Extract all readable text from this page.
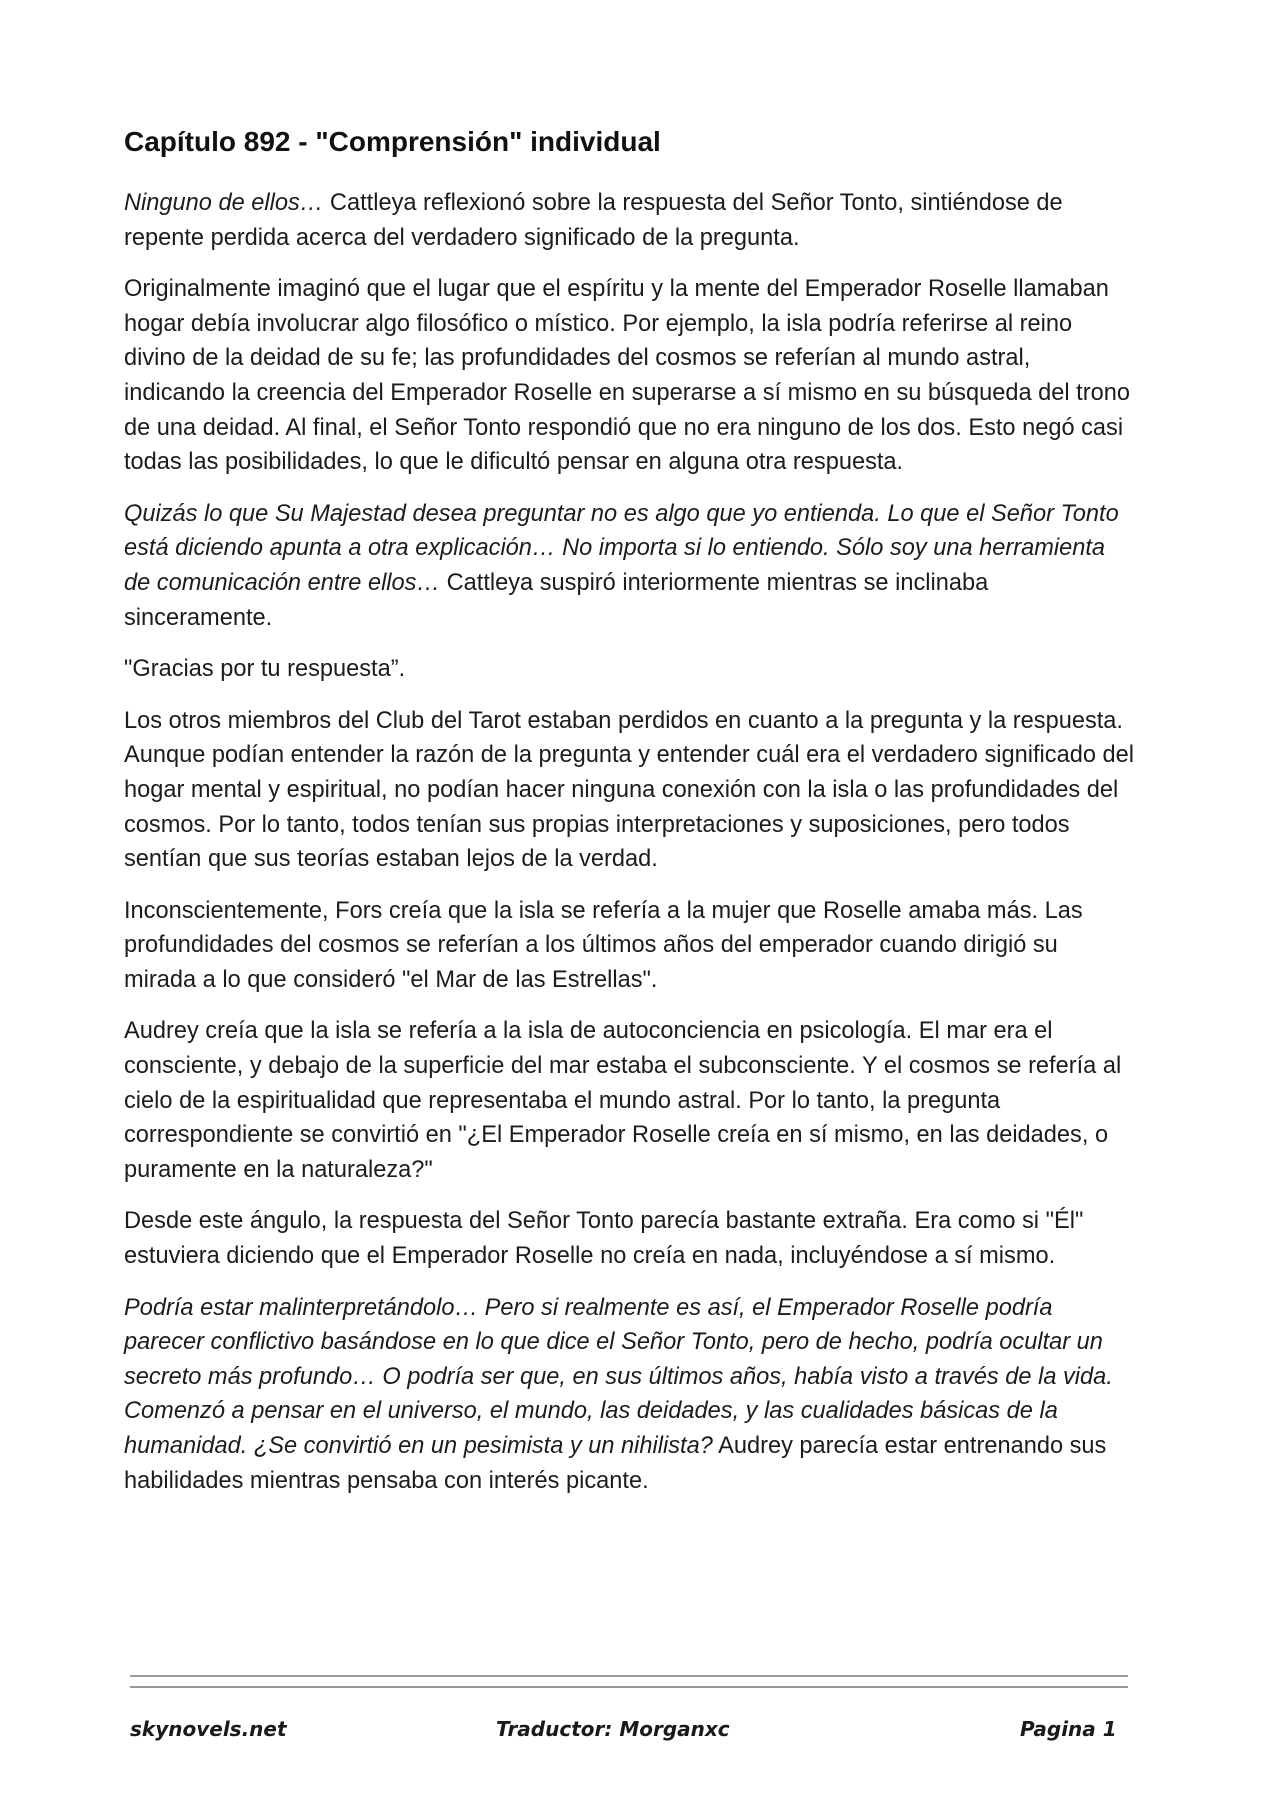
Capítulo 892 - "Comprensión" individual

Ninguno de ellos… Cattleya reflexionó sobre la respuesta del Señor Tonto, sintiéndose de repente perdida acerca del verdadero significado de la pregunta.

Originalmente imaginó que el lugar que el espíritu y la mente del Emperador Roselle llamaban hogar debía involucrar algo filosófico o místico. Por ejemplo, la isla podría referirse al reino divino de la deidad de su fe; las profundidades del cosmos se referían al mundo astral, indicando la creencia del Emperador Roselle en superarse a sí mismo en su búsqueda del trono de una deidad. Al final, el Señor Tonto respondió que no era ninguno de los dos. Esto negó casi todas las posibilidades, lo que le dificultó pensar en alguna otra respuesta.

Quizás lo que Su Majestad desea preguntar no es algo que yo entienda. Lo que el Señor Tonto está diciendo apunta a otra explicación… No importa si lo entiendo. Sólo soy una herramienta de comunicación entre ellos… Cattleya suspiró interiormente mientras se inclinaba sinceramente.

"Gracias por tu respuesta”.

Los otros miembros del Club del Tarot estaban perdidos en cuanto a la pregunta y la respuesta. Aunque podían entender la razón de la pregunta y entender cuál era el verdadero significado del hogar mental y espiritual, no podían hacer ninguna conexión con la isla o las profundidades del cosmos. Por lo tanto, todos tenían sus propias interpretaciones y suposiciones, pero todos sentían que sus teorías estaban lejos de la verdad.

Inconscientemente, Fors creía que la isla se refería a la mujer que Roselle amaba más. Las profundidades del cosmos se referían a los últimos años del emperador cuando dirigió su mirada a lo que consideró "el Mar de las Estrellas".

Audrey creía que la isla se refería a la isla de autoconciencia en psicología. El mar era el consciente, y debajo de la superficie del mar estaba el subconsciente. Y el cosmos se refería al cielo de la espiritualidad que representaba el mundo astral. Por lo tanto, la pregunta correspondiente se convirtió en "¿El Emperador Roselle creía en sí mismo, en las deidades, o puramente en la naturaleza?"

Desde este ángulo, la respuesta del Señor Tonto parecía bastante extraña. Era como si "Él" estuviera diciendo que el Emperador Roselle no creía en nada, incluyéndose a sí mismo.

Podría estar malinterpretándolo… Pero si realmente es así, el Emperador Roselle podría parecer conflictivo basándose en lo que dice el Señor Tonto, pero de hecho, podría ocultar un secreto más profundo… O podría ser que, en sus últimos años, había visto a través de la vida. Comenzó a pensar en el universo, el mundo, las deidades, y las cualidades básicas de la humanidad. ¿Se convirtió en un pesimista y un nihilista? Audrey parecía estar entrenando sus habilidades mientras pensaba con interés picante.

skynovels.net	Traductor: Morganxc	Pagina 1
